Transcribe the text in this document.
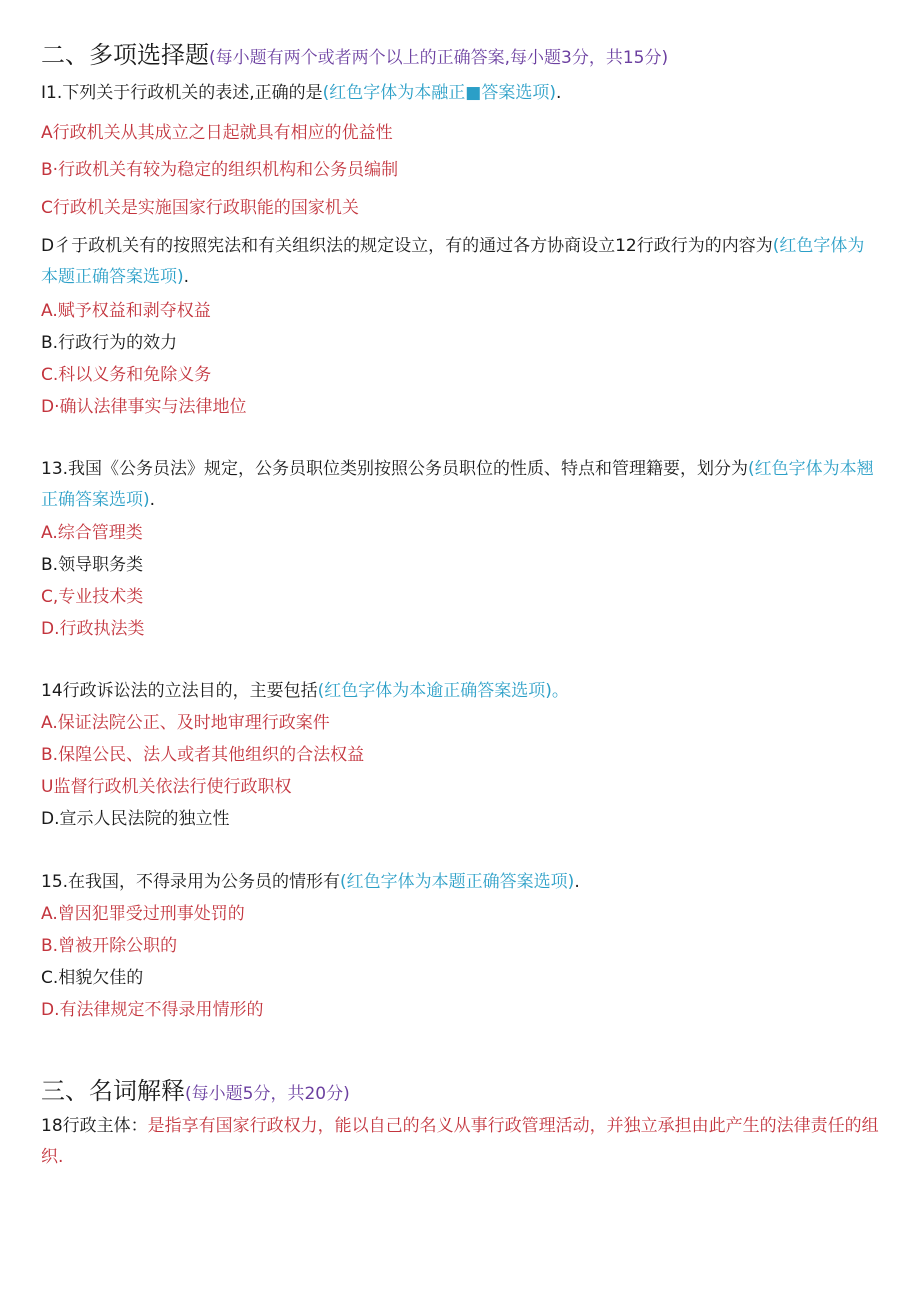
二、多项选择题(每小题有两个或者两个以上的正确答案,每小题3分，共15分)
I1.下列关于行政机关的表述,正确的是(红色字体为本融正■答案选项).
A行政机关从其成立之日起就具有相应的优益性
B·行政机关有较为稳定的组织机构和公务员编制
C行政机关是实施国家行政职能的国家机关
D彳于政机关有的按照宪法和有关组织法的规定设立，有的通过各方协商设立12行政行为的内容为(红色字体为本题正确答案选项).
A.赋予权益和剥夺权益
B.行政行为的效力
C.科以义务和免除义务
D·确认法律事实与法律地位
13.我国《公务员法》规定，公务员职位类别按照公务员职位的性质、特点和管理籍要，划分为(红色字体为本翘正确答案选项).
A.综合管理类
B.领导职务类
C,专业技术类
D.行政执法类
14行政诉讼法的立法目的，主要包括(红色字体为本逾正确答案选项)。
A.保证法院公正、及时地审理行政案件
B.保隍公民、法人或者其他组织的合法权益
U监督行政机关依法行使行政职权
D.宣示人民法院的独立性
15.在我国，不得录用为公务员的情形有(红色字体为本题正确答案选项).
A.曾因犯罪受过刑事处罚的
B.曾被开除公职的
C.相貌欠佳的
D.有法律规定不得录用情形的
三、名词解释(每小题5分，共20分)
18行政主体：是指享有国家行政权力，能以自己的名义从事行政管理活动，并独立承担由此产生的法律责任的组织.
